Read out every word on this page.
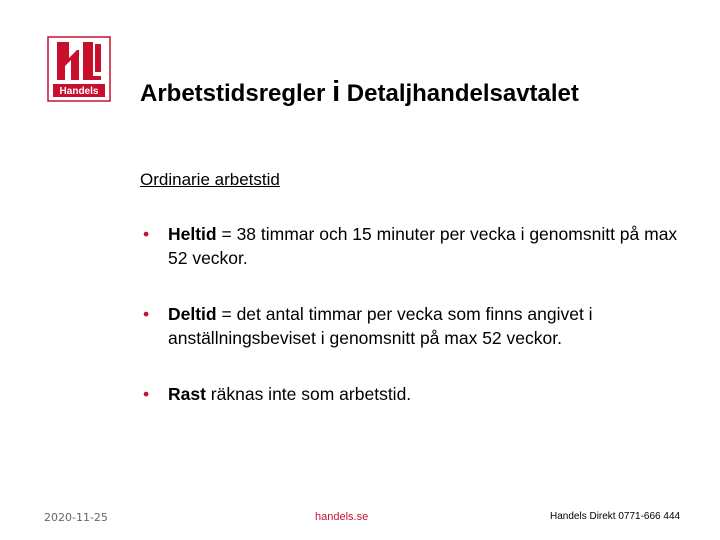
Handels Arbetstidsregler i Detaljhandelsavtalet
Ordinarie arbetstid
• Heltid = 38 timmar och 15 minuter per vecka i genomsnitt på max 52 veckor.
• Deltid = det antal timmar per vecka som finns angivet i anställningsbeviset i genomsnitt på max 52 veckor.
• Rast räknas inte som arbetstid.
2020-11-25	handels.se	Handels Direkt 0771-666 444
